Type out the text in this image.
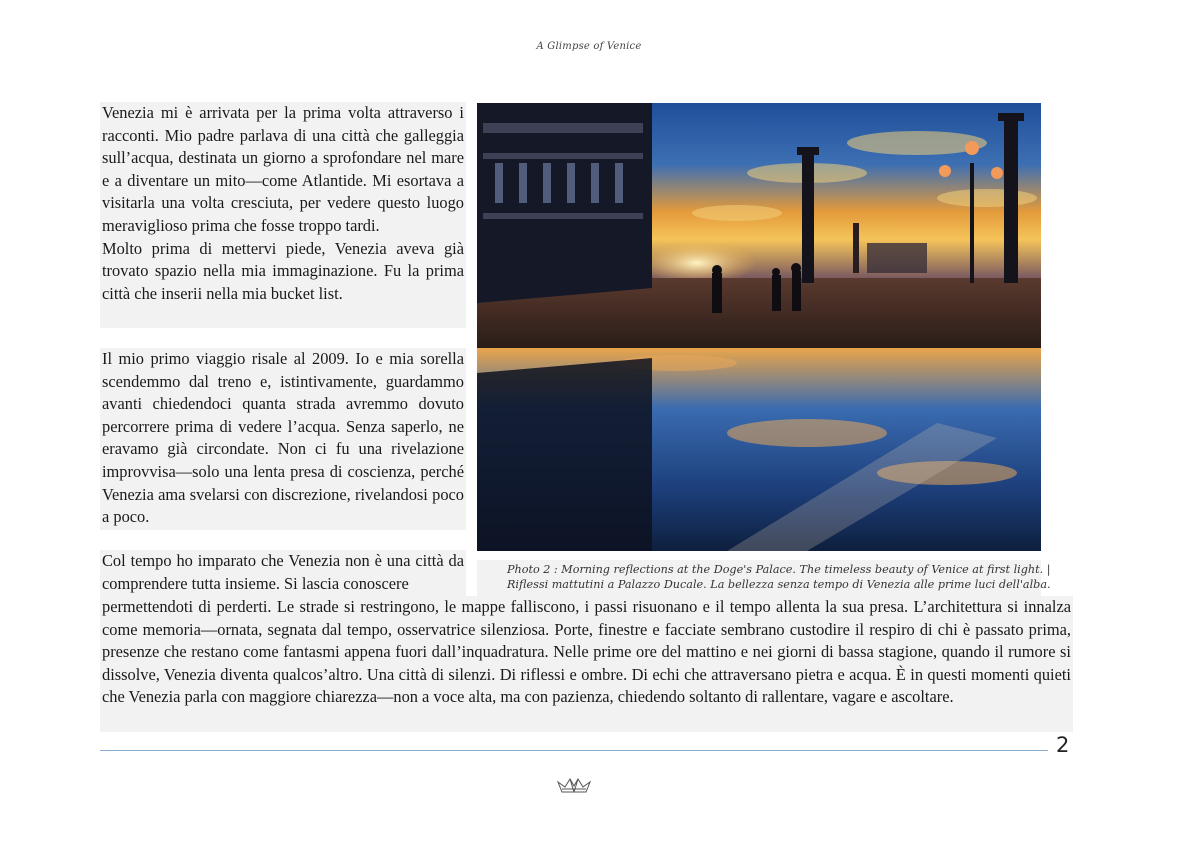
A Glimpse of Venice

Venezia mi è arrivata per la prima volta attraverso i racconti. Mio padre parlava di una città che galleggia sull’acqua, destinata un giorno a sprofondare nel mare e a diventare un mito—come Atlantide. Mi esortava a visitarla una volta cresciuta, per vedere questo luogo meraviglioso prima che fosse troppo tardi.

Molto prima di mettervi piede, Venezia aveva già trovato spazio nella mia immaginazione. Fu la prima città che inserii nella mia bucket list.

Il mio primo viaggio risale al 2009. Io e mia sorella scendemmo dal treno e, istintivamente, guardammo avanti chiedendoci quanta strada avremmo dovuto percorrere prima di vedere l’acqua. Senza saperlo, ne eravamo già circondate. Non ci fu una rivelazione improvvisa—solo una lenta presa di coscienza, perché Venezia ama svelarsi con discrezione, rivelandosi poco a poco.

Col tempo ho imparato che Venezia non è una città da comprendere tutta insieme. Si lascia conoscere

Photo 2 : Morning reflections at the Doge's Palace. The timeless beauty of Venice at first light. |
Riflessi mattutini a Palazzo Ducale. La bellezza senza tempo di Venezia alle prime luci dell'alba.

permettendoti di perderti. Le strade si restringono, le mappe falliscono, i passi risuonano e il tempo allenta la sua presa. L’architettura si innalza come memoria—ornata, segnata dal tempo, osservatrice silenziosa. Porte, finestre e facciate sembrano custodire il respiro di chi è passato prima, presenze che restano come fantasmi appena fuori dall’inquadratura. Nelle prime ore del mattino e nei giorni di bassa stagione, quando il rumore si dissolve, Venezia diventa qualcos’altro. Una città di silenzi. Di riflessi e ombre. Di echi che attraversano pietra e acqua. È in questi momenti quieti che Venezia parla con maggiore chiarezza—non a voce alta, ma con pazienza, chiedendo soltanto di rallentare, vagare e ascoltare.

2
